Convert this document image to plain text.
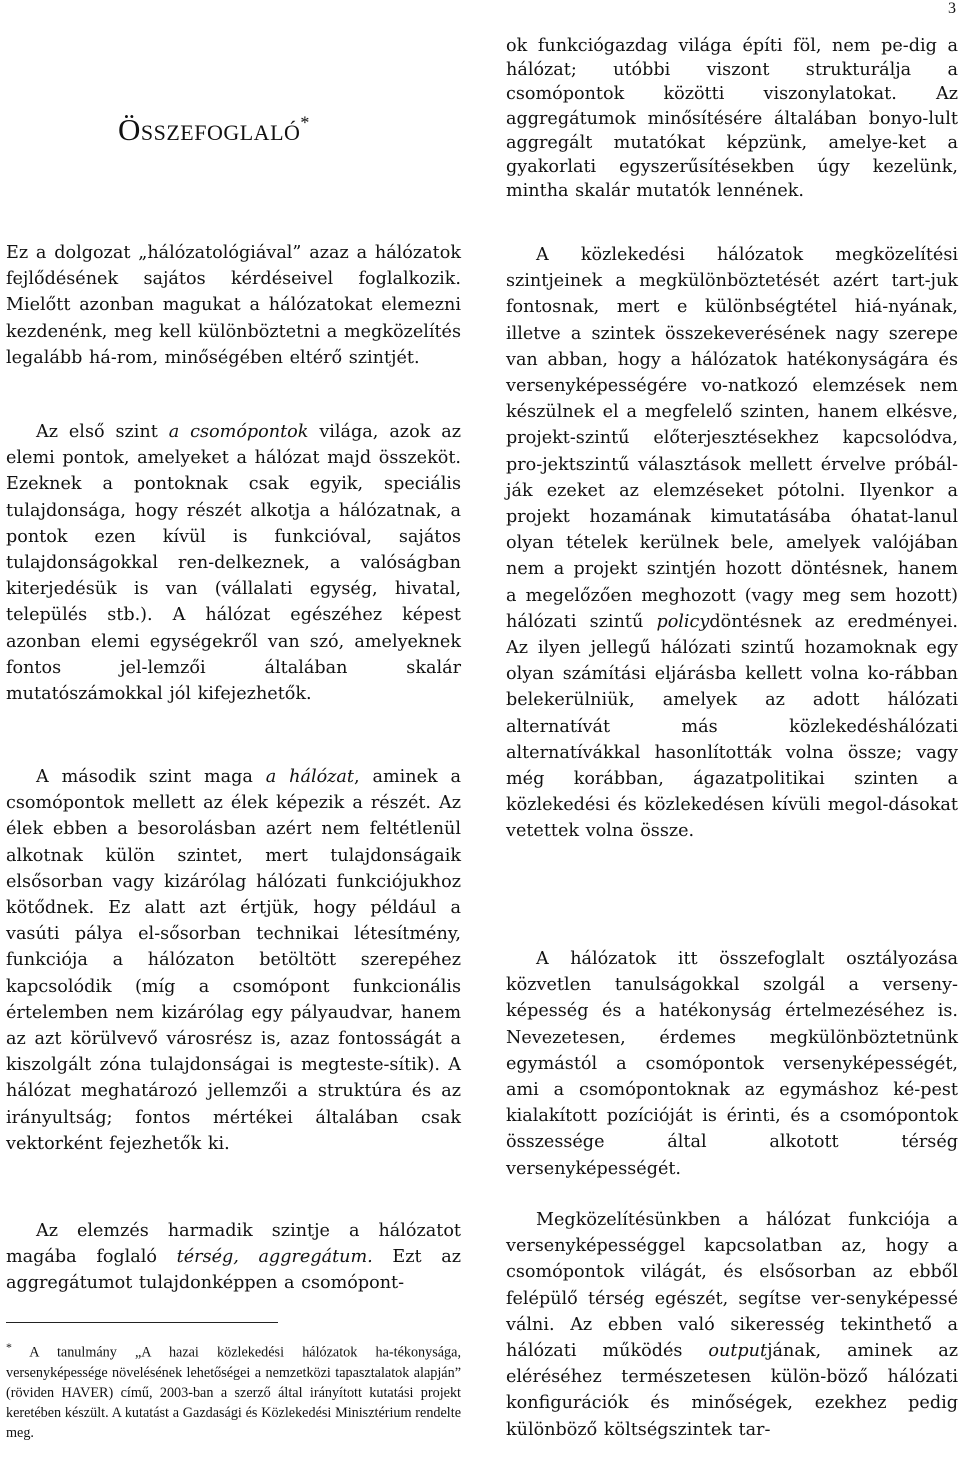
3
Összefoglaló*

Ez a dolgozat „hálózatológiával” azaz a hálózatok fejlődésének sajátos kérdéseivel foglalkozik. Mielőtt azonban magukat a hálózatokat elemezni kezdenénk, meg kell különböztetni a megközelítés legalább há-rom, minőségében eltérő szintjét.

Az első szint a csomópontok világa, azok az elemi pontok, amelyeket a hálózat majd összeköt. Ezeknek a pontoknak csak egyik, speciális tulajdonsága, hogy részét alkotja a hálózatnak, a pontok ezen kívül is funkcióval, sajátos tulajdonságokkal ren-delkeznek, a valóságban kiterjedésük is van (vállalati egység, hivatal, település stb.). A hálózat egészéhez képest azonban elemi egységekről van szó, amelyeknek fontos jel-lemzői általában skalár mutatószámokkal jól kifejezhetők.

A második szint maga a hálózat, aminek a csomópontok mellett az élek képezik a részét. Az élek ebben a besorolásban azért nem feltétlenül alkotnak külön szintet, mert tulajdonságaik elsősorban vagy kizárólag hálózati funkciójukhoz kötődnek. Ez alatt azt értjük, hogy például a vasúti pálya el-sősorban technikai létesítmény, funkciója a hálózaton betöltött szerepéhez kapcsolódik (míg a csomópont funkcionális értelemben nem kizárólag egy pályaudvar, hanem az azt körülvevő városrész is, azaz fontosságát a kiszolgált zóna tulajdonságai is megteste-sítik). A hálózat meghatározó jellemzői a struktúra és az irányultság; fontos mértékei általában csak vektorként fejezhetők ki.

Az elemzés harmadik szintje a hálózatot magába foglaló térség, aggregátum. Ezt az aggregátumot tulajdonképpen a csomópont-

* A tanulmány „A hazai közlekedési hálózatok ha-tékonysága, versenyképessége növelésének lehetőségei a nemzetközi tapasztalatok alapján” (röviden HAVER) című, 2003-ban a szerző által irányított kutatási projekt keretében készült. A kutatást a Gazdasági és Közlekedési Minisztérium rendelte meg.

ok funkciógazdag világa építi föl, nem pe-dig a hálózat; utóbbi viszont strukturálja a csomópontok közötti viszonylatokat. Az aggregátumok minősítésére általában bonyo-lult aggregált mutatókat képzünk, amelye-ket a gyakorlati egyszerűsítésekben úgy kezelünk, mintha skalár mutatók lennének.

A közlekedési hálózatok megközelítési szintjeinek a megkülönböztetését azért tart-juk fontosnak, mert e különbségtétel hiá-nyának, illetve a szintek összekeverésének nagy szerepe van abban, hogy a hálózatok hatékonyságára és versenyképességére vo-natkozó elemzések nem készülnek el a megfelelő szinten, hanem elkésve, projekt-szintű előterjesztésekhez kapcsolódva, pro-jektszintű választások mellett érvelve próbál-ják ezeket az elemzéseket pótolni. Ilyenkor a projekt hozamának kimutatásába óhatat-lanul olyan tételek kerülnek bele, amelyek valójában nem a projekt szintjén hozott döntésnek, hanem a megelőzően meghozott (vagy meg sem hozott) hálózati szintű policydöntésnek az eredményei. Az ilyen jellegű hálózati szintű hozamoknak egy olyan számítási eljárásba kellett volna ko-rábban belekerülniük, amelyek az adott hálózati alternatívát más közlekedéshálózati alternatívákkal hasonlították volna össze; vagy még korábban, ágazatpolitikai szinten a közlekedési és közlekedésen kívüli megol-dásokat vetettek volna össze.

A hálózatok itt összefoglalt osztályozása közvetlen tanulságokkal szolgál a verseny-képesség és a hatékonyság értelmezéséhez is. Nevezetesen, érdemes megkülönböztetnünk egymástól a csomópontok versenyképességét, ami a csomópontoknak az egymáshoz ké-pest kialakított pozícióját is érinti, és a csomópontok összessége által alkotott térség versenyképességét.

Megközelítésünkben a hálózat funkciója a versenyképességgel kapcsolatban az, hogy a csomópontok világát, és elsősorban az ebből felépülő térség egészét, segítse ver-senyképessé válni. Az ebben való sikeresség tekinthető a hálózati működés outputjának, aminek az eléréséhez természetesen külön-böző hálózati konfigurációk és minőségek, ezekhez pedig különböző költségszintek tar-
